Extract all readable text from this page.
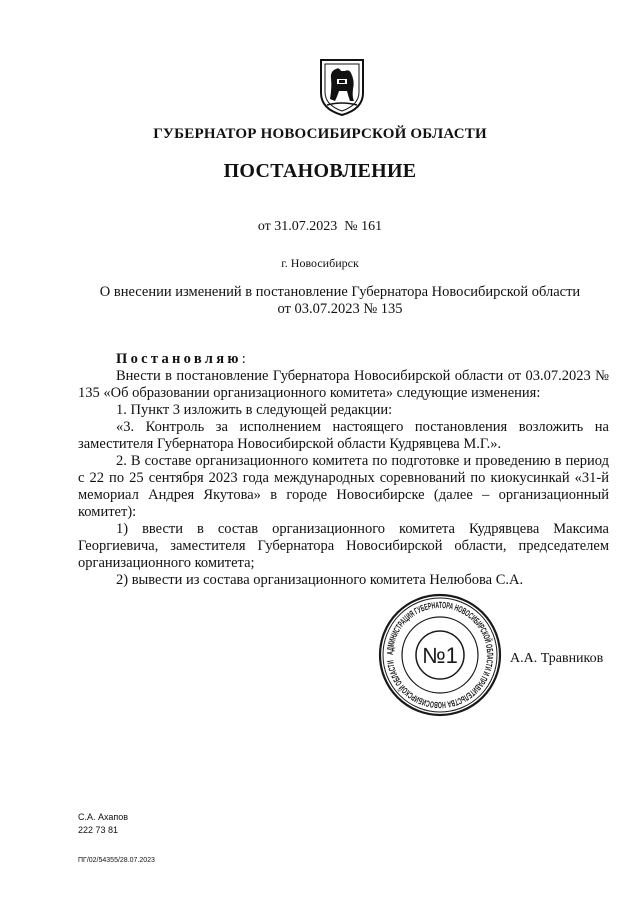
ГУБЕРНАТОР НОВОСИБИРСКОЙ ОБЛАСТИ
ПОСТАНОВЛЕНИЕ
от 31.07.2023  № 161
г. Новосибирск
О внесении изменений в постановление Губернатора Новосибирской области
от 03.07.2023 № 135

Постановляю:

Внести в постановление Губернатора Новосибирской области от 03.07.2023 № 135 «Об образовании организационного комитета» следующие изменения:

1. Пункт 3 изложить в следующей редакции:

«3. Контроль за исполнением настоящего постановления возложить на заместителя Губернатора Новосибирской области Кудрявцева М.Г.».

2. В составе организационного комитета по подготовке и проведению в период с 22 по 25 сентября 2023 года международных соревнований по киокусинкай «31-й мемориал Андрея Якутова» в городе Новосибирске (далее – организационный комитет):

1) ввести в состав организационного комитета Кудрявцева Максима Георгиевича, заместителя Губернатора Новосибирской области, председателем организационного комитета;

2) вывести из состава организационного комитета Нелюбова С.А.

АДМИНИСТРАЦИЯ ГУБЕРНАТОРА НОВОСИБИРСКОЙ ОБЛАСТИ И ПРАВИТЕЛЬСТВА НОВОСИБИРСКОЙ ОБЛАСТИ	№1	А.А. Травников
С.А. Ахапов
222 73 81
ПГ/02/54355/28.07.2023
